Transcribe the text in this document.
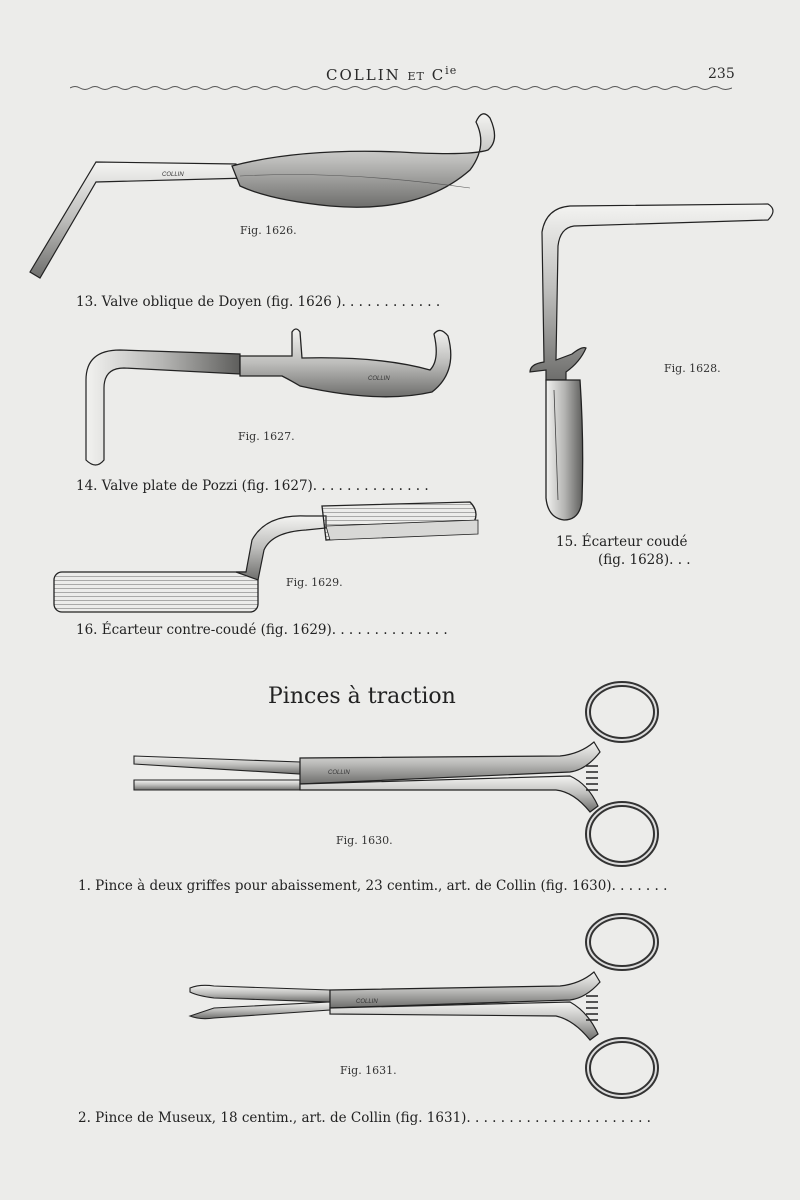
COLLIN ET $C^{ie}$	235
COLLIN
COLLIN
COLLIN
COLLIN
Fig. 1626.
Fig. 1627.
Fig. 1628.
Fig. 1629.
Fig. 1630.
Fig. 1631.
13. Valve oblique de Doyen (fig. 1626 ). . . . . . . . . . . .
14. Valve plate de Pozzi (fig. 1627). . . . . . . . . . . . . .
15. Écarteur coudé
(fig. 1628). . .
16. Écarteur contre-coudé (fig. 1629). . . . . . . . . . . . . .
Pinces à traction
1. Pince à deux griffes pour abaissement, 23 centim., art. de Collin (fig. 1630). . . . . . .
2. Pince de Museux, 18 centim., art. de Collin (fig. 1631). . . . . . . . . . . . . . . . . . . . . .
